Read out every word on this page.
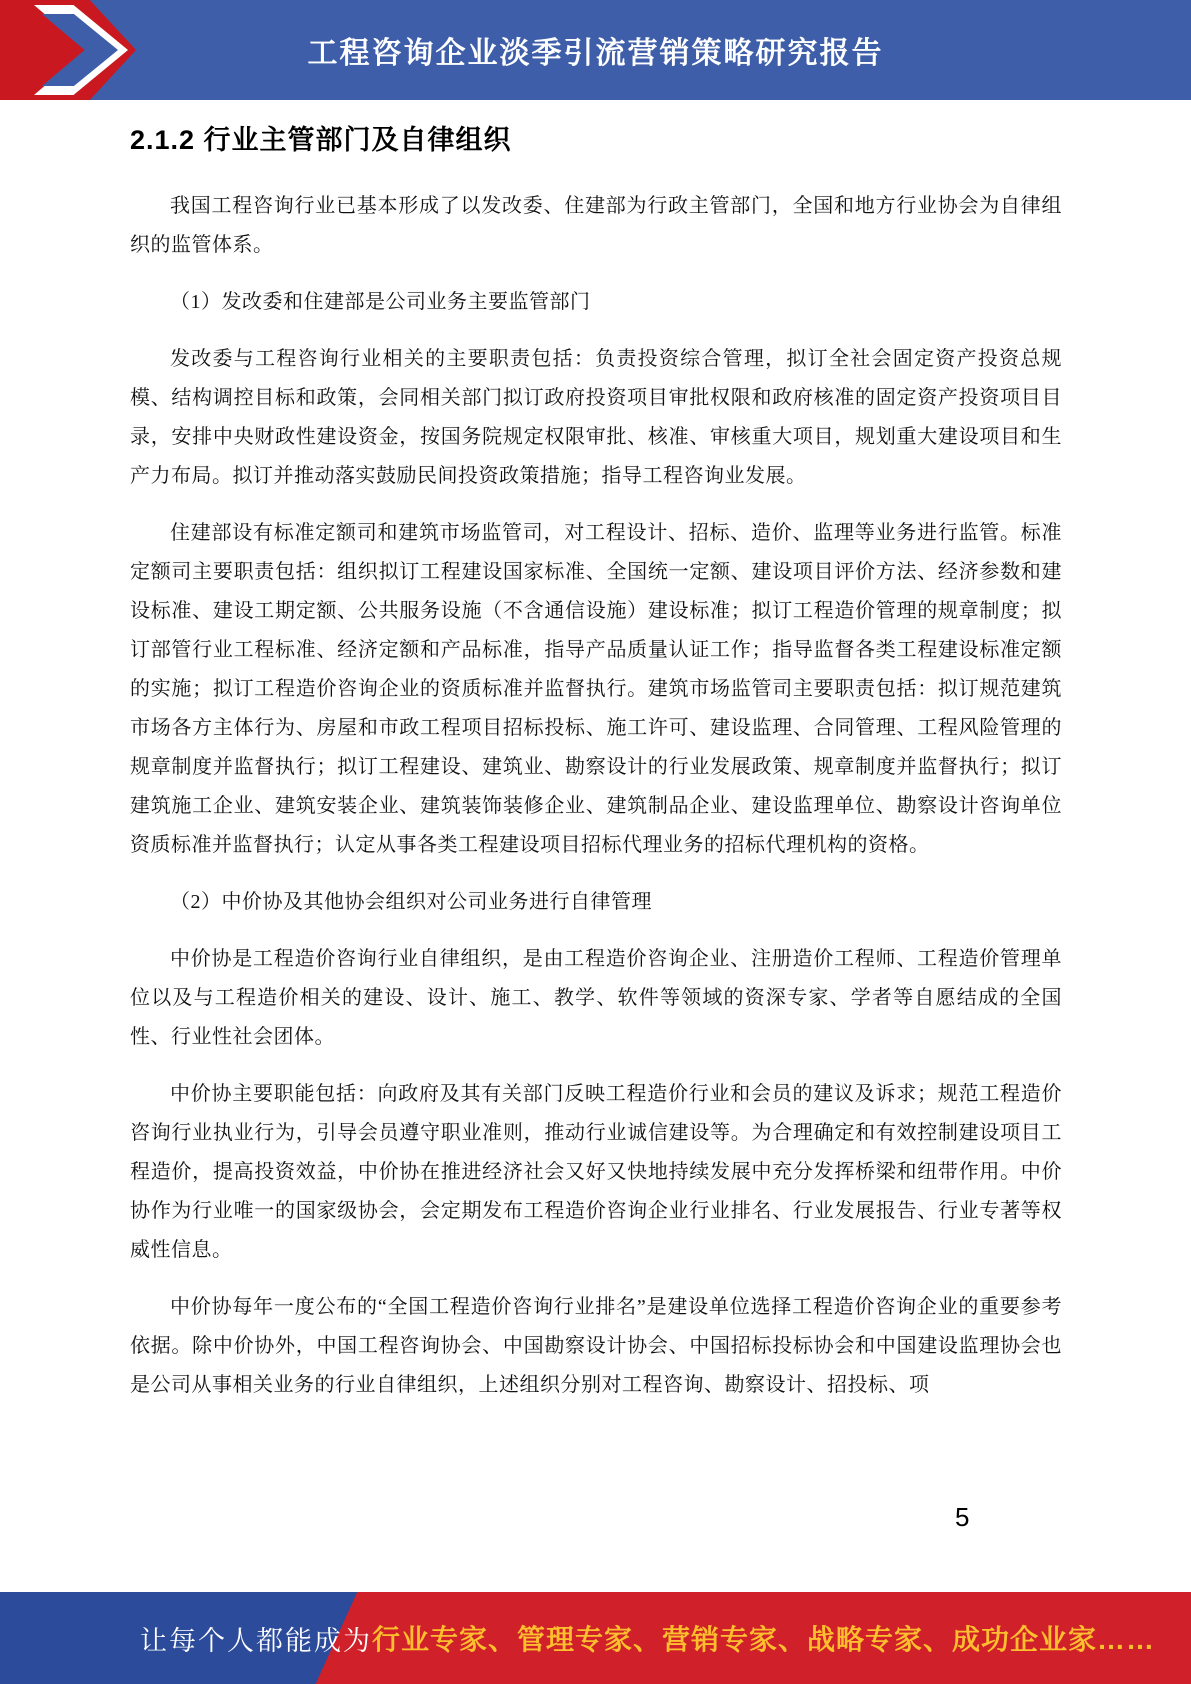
工程咨询企业淡季引流营销策略研究报告
2.1.2 行业主管部门及自律组织

我国工程咨询行业已基本形成了以发改委、住建部为行政主管部门，全国和地方行业协会为自律组织的监管体系。

（1）发改委和住建部是公司业务主要监管部门

发改委与工程咨询行业相关的主要职责包括：负责投资综合管理，拟订全社会固定资产投资总规模、结构调控目标和政策，会同相关部门拟订政府投资项目审批权限和政府核准的固定资产投资项目目录，安排中央财政性建设资金，按国务院规定权限审批、核准、审核重大项目，规划重大建设项目和生产力布局。拟订并推动落实鼓励民间投资政策措施；指导工程咨询业发展。

住建部设有标准定额司和建筑市场监管司，对工程设计、招标、造价、监理等业务进行监管。标准定额司主要职责包括：组织拟订工程建设国家标准、全国统一定额、建设项目评价方法、经济参数和建设标准、建设工期定额、公共服务设施（不含通信设施）建设标准；拟订工程造价管理的规章制度；拟订部管行业工程标准、经济定额和产品标准，指导产品质量认证工作；指导监督各类工程建设标准定额的实施；拟订工程造价咨询企业的资质标准并监督执行。建筑市场监管司主要职责包括：拟订规范建筑市场各方主体行为、房屋和市政工程项目招标投标、施工许可、建设监理、合同管理、工程风险管理的规章制度并监督执行；拟订工程建设、建筑业、勘察设计的行业发展政策、规章制度并监督执行；拟订建筑施工企业、建筑安装企业、建筑装饰装修企业、建筑制品企业、建设监理单位、勘察设计咨询单位资质标准并监督执行；认定从事各类工程建设项目招标代理业务的招标代理机构的资格。

（2）中价协及其他协会组织对公司业务进行自律管理

中价协是工程造价咨询行业自律组织，是由工程造价咨询企业、注册造价工程师、工程造价管理单位以及与工程造价相关的建设、设计、施工、教学、软件等领域的资深专家、学者等自愿结成的全国性、行业性社会团体。

中价协主要职能包括：向政府及其有关部门反映工程造价行业和会员的建议及诉求；规范工程造价咨询行业执业行为，引导会员遵守职业准则，推动行业诚信建设等。为合理确定和有效控制建设项目工程造价，提高投资效益，中价协在推进经济社会又好又快地持续发展中充分发挥桥梁和纽带作用。中价协作为行业唯一的国家级协会，会定期发布工程造价咨询企业行业排名、行业发展报告、行业专著等权威性信息。

中价协每年一度公布的“全国工程造价咨询行业排名”是建设单位选择工程造价咨询企业的重要参考依据。除中价协外，中国工程咨询协会、中国勘察设计协会、中国招标投标协会和中国建设监理协会也是公司从事相关业务的行业自律组织，上述组织分别对工程咨询、勘察设计、招投标、项

5
让每个人都能成为 行业专家、管理专家、营销专家、战略专家、成功企业家……
